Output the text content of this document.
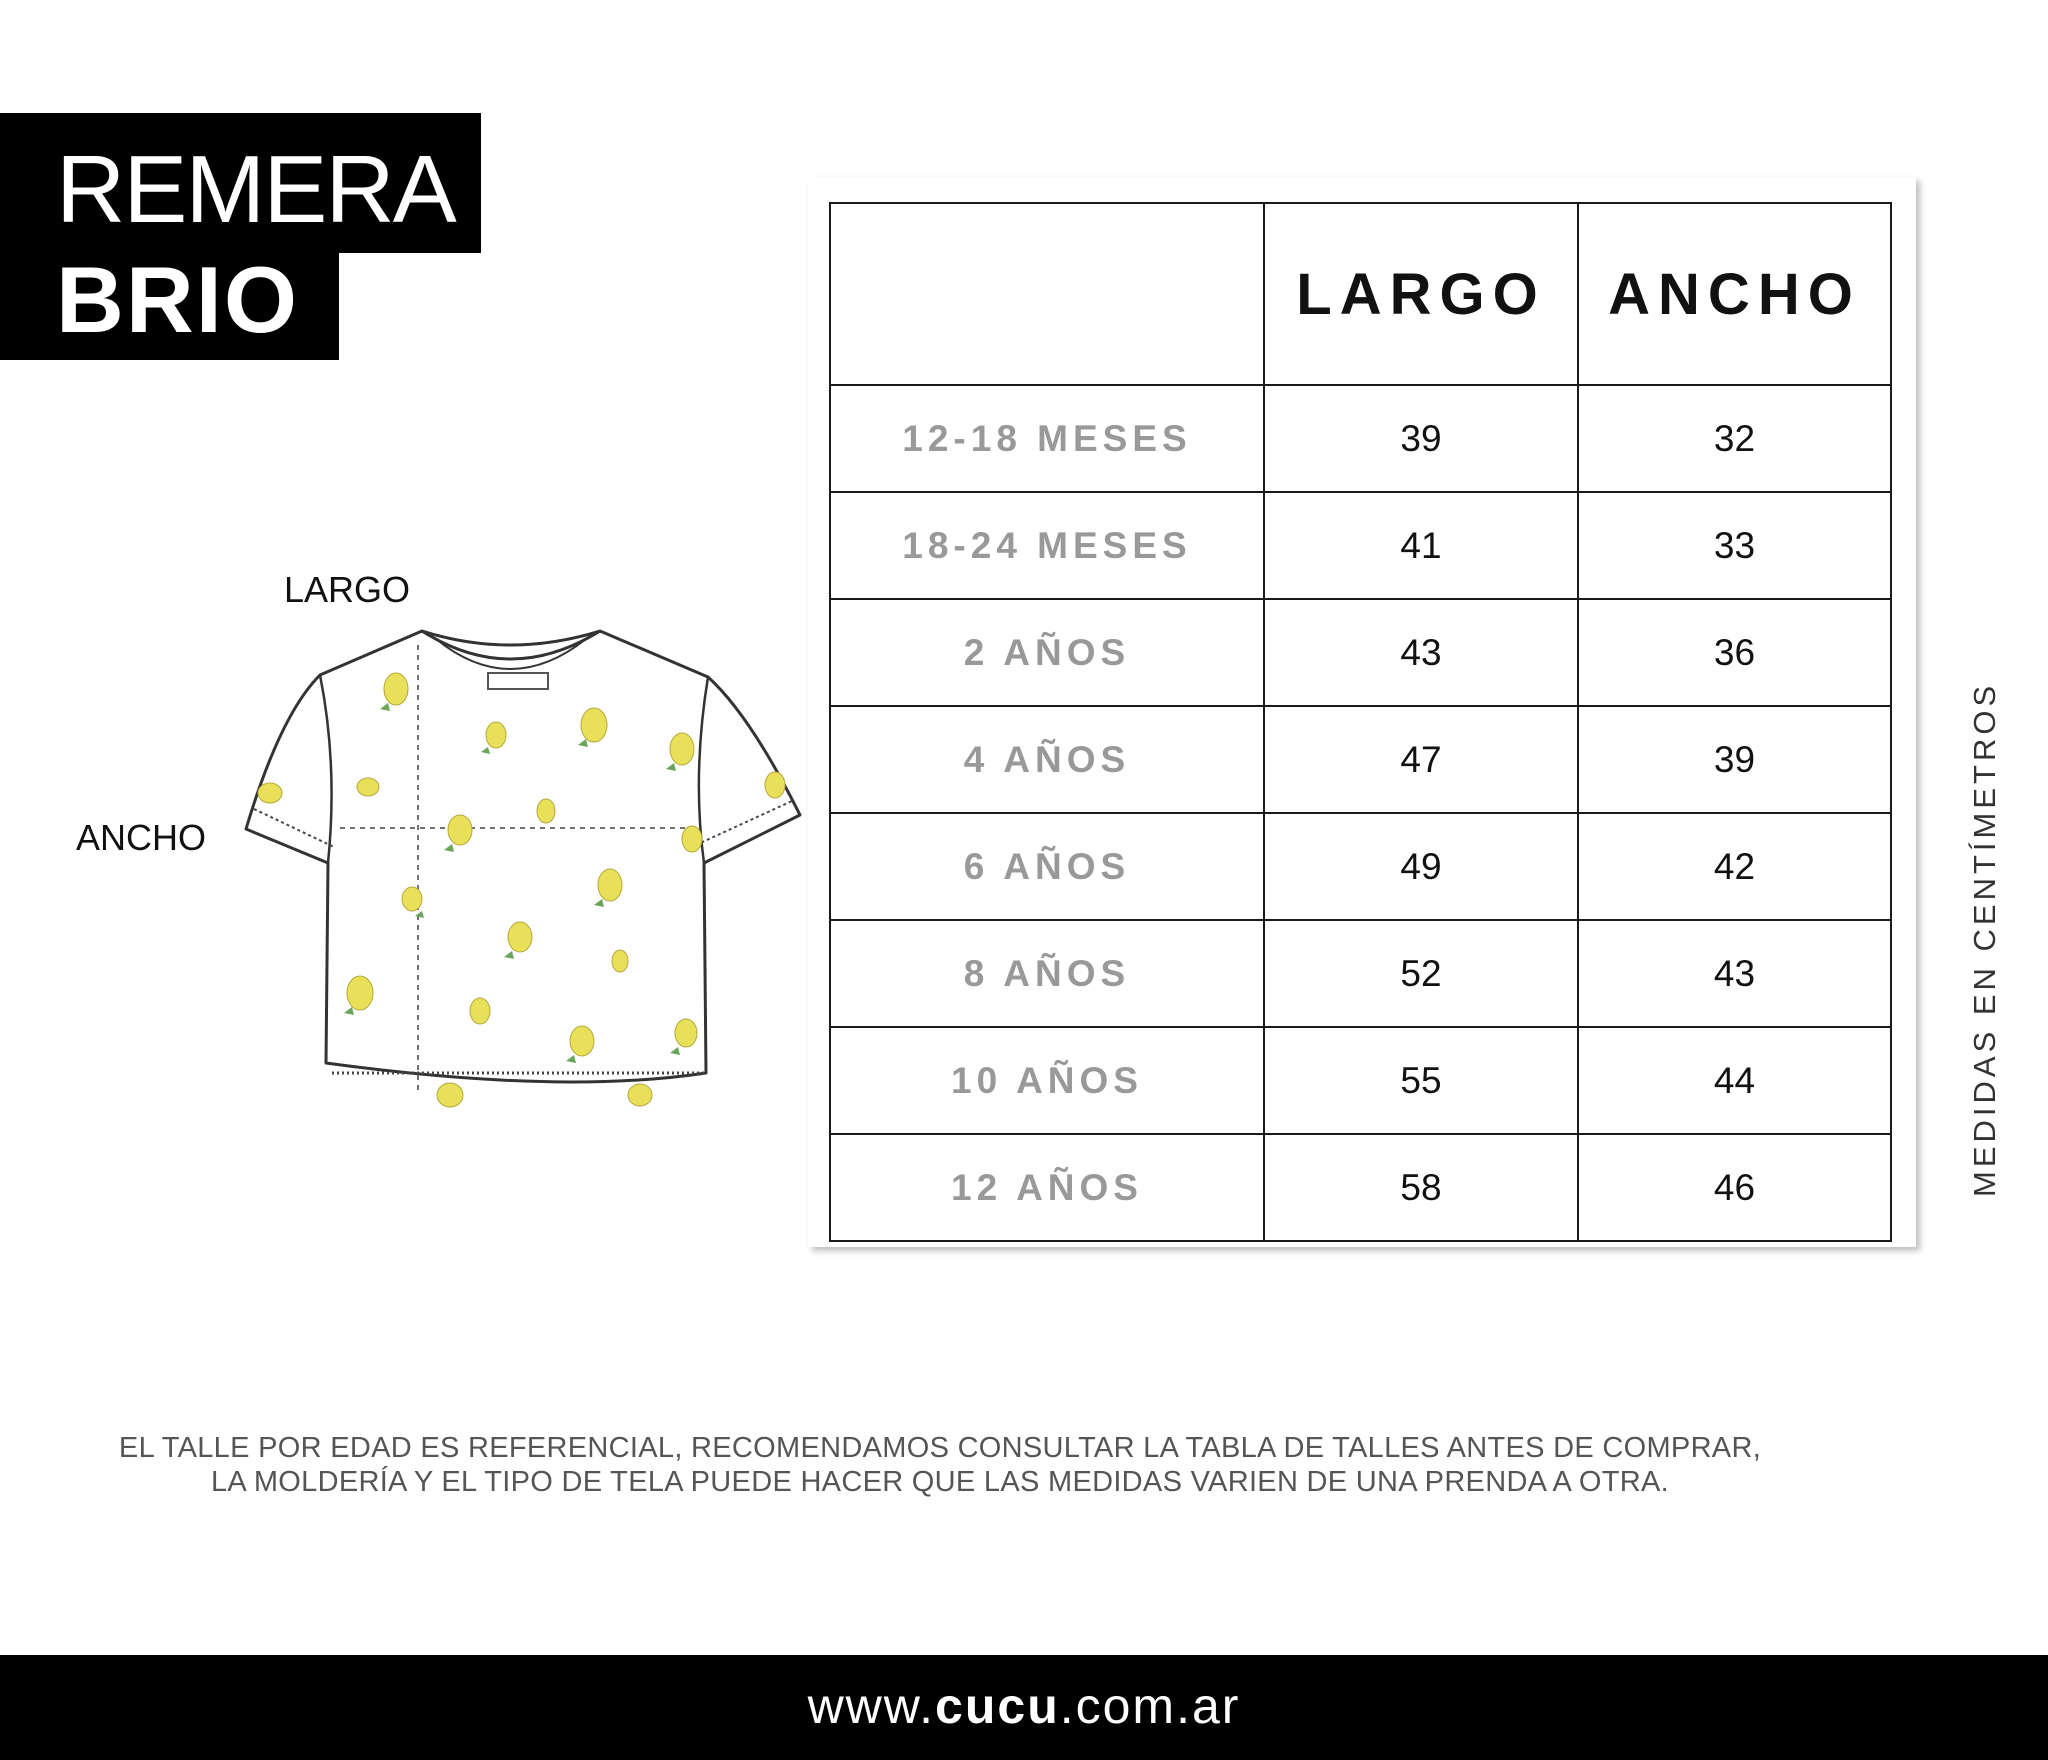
REMERA
BRIO
LARGO
ANCHO
	LARGO	ANCHO
12-18 MESES	39	32
18-24 MESES	41	33
2 AÑOS	43	36
4 AÑOS	47	39
6 AÑOS	49	42
8 AÑOS	52	43
10 AÑOS	55	44
12 AÑOS	58	46	MEDIDAS EN CENTÍMETROS
EL TALLE POR EDAD ES REFERENCIAL, RECOMENDAMOS CONSULTAR LA TABLA DE TALLES ANTES DE COMPRAR,
LA MOLDERÍA Y EL TIPO DE TELA PUEDE HACER QUE LAS MEDIDAS VARIEN DE UNA PRENDA A OTRA.
www.cucu.com.ar
